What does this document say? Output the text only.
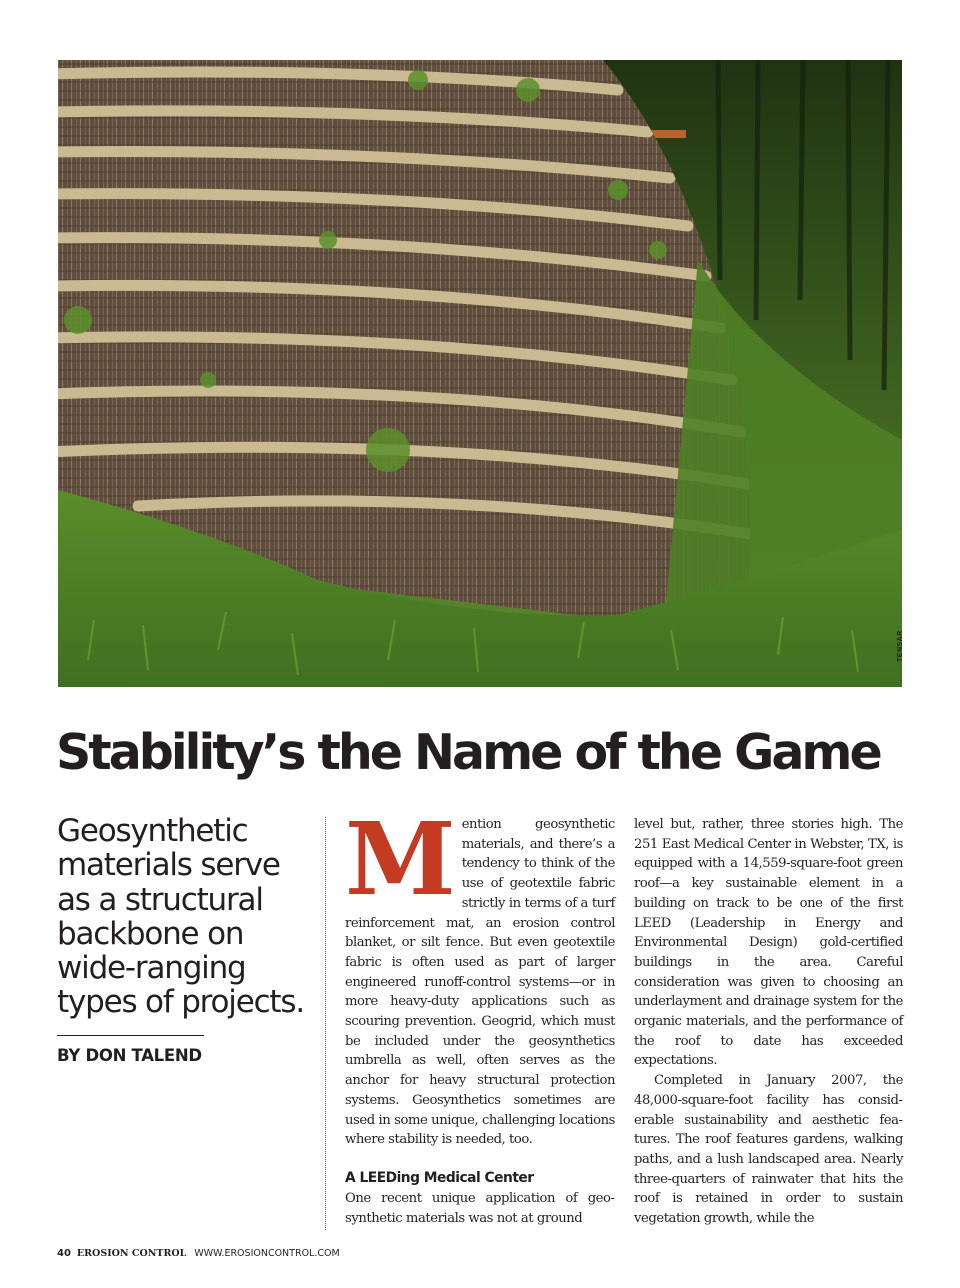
TENSAR
Stability’s the Name of the Game

Geosynthetic materials serve as a structural backbone on wide-ranging types of projects.

BY DON TALEND

Mention geosynthetic materials, and there’s a tendency to think of the use of geotextile fabric strictly in terms of a turf reinforcement mat, an erosion control blanket, or silt fence. But even geotextile fabric is often used as part of larger engineered runoff-control systems—or in more heavy-duty applications such as scouring prevention. Geogrid, which must be included under the geosynthetics umbrella as well, often serves as the anchor for heavy structural protection systems. Geosynthetics sometimes are used in some unique, challenging locations where stability is needed, too.

A LEEDing Medical Center

One recent unique application of geosynthetic materials was not at ground

level but, rather, three stories high. The 251 East Medical Center in Webster, TX, is equipped with a 14,559-square-foot green roof—a key sustainable element in a building on track to be one of the first LEED (Leadership in Energy and Environmental Design) gold-certified buildings in the area. Careful consideration was given to choosing an underlayment and drainage system for the organic materials, and the performance of the roof to date has exceeded expectations.

Completed in January 2007, the 48,000-square-foot facility has considerable sustainability and aesthetic features. The roof features gardens, walking paths, and a lush landscaped area. Nearly three-quarters of rainwater that hits the roof is retained in order to sustain vegetation growth, while the

40 EROSION CONTROL WWW.EROSIONCONTROL.COM
